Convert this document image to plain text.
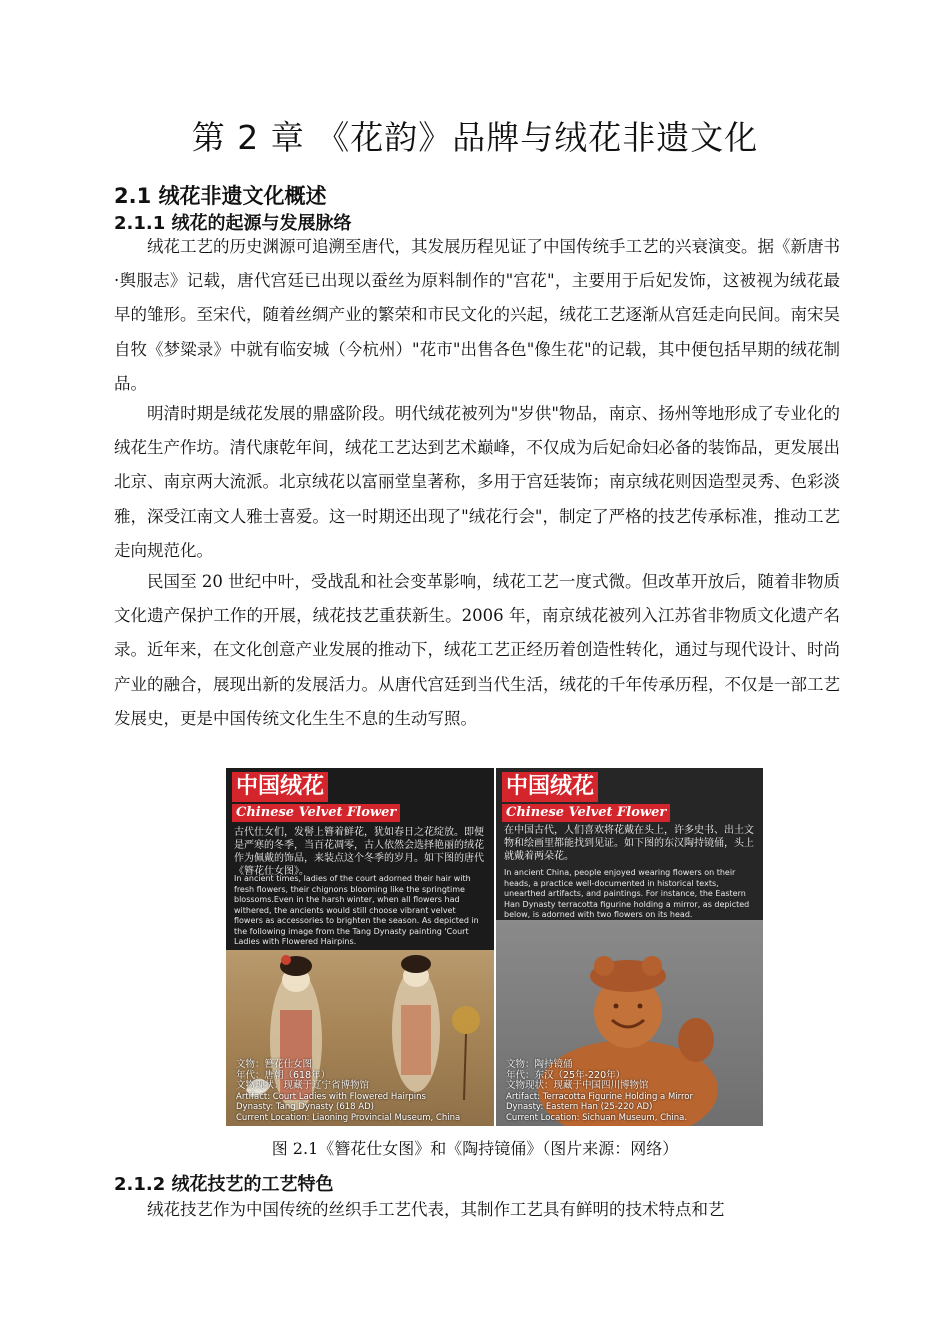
第 2 章 《花韵》品牌与绒花非遗文化
2.1 绒花非遗文化概述
2.1.1 绒花的起源与发展脉络

绒花工艺的历史渊源可追溯至唐代，其发展历程见证了中国传统手工艺的兴衰演变。据《新唐书·舆服志》记载，唐代宫廷已出现以蚕丝为原料制作的"宫花"，主要用于后妃发饰，这被视为绒花最早的雏形。至宋代，随着丝绸产业的繁荣和市民文化的兴起，绒花工艺逐渐从宫廷走向民间。南宋吴自牧《梦粱录》中就有临安城（今杭州）"花市"出售各色"像生花"的记载，其中便包括早期的绒花制品。

明清时期是绒花发展的鼎盛阶段。明代绒花被列为"岁供"物品，南京、扬州等地形成了专业化的绒花生产作坊。清代康乾年间，绒花工艺达到艺术巅峰，不仅成为后妃命妇必备的装饰品，更发展出北京、南京两大流派。北京绒花以富丽堂皇著称，多用于宫廷装饰；南京绒花则因造型灵秀、色彩淡雅，深受江南文人雅士喜爱。这一时期还出现了"绒花行会"，制定了严格的技艺传承标准，推动工艺走向规范化。

民国至 20 世纪中叶，受战乱和社会变革影响，绒花工艺一度式微。但改革开放后，随着非物质文化遗产保护工作的开展，绒花技艺重获新生。2006 年，南京绒花被列入江苏省非物质文化遗产名录。近年来，在文化创意产业发展的推动下，绒花工艺正经历着创造性转化，通过与现代设计、时尚产业的融合，展现出新的发展活力。从唐代宫廷到当代生活，绒花的千年传承历程，不仅是一部工艺发展史，更是中国传统文化生生不息的生动写照。

中国绒花
Chinese Velvet Flower
古代仕女们，发髻上簪着鲜花，犹如春日之花绽放。即便是严寒的冬季，当百花凋零，古人依然会选择艳丽的绒花作为佩戴的饰品，来装点这个冬季的岁月。如下图的唐代《簪花仕女图》。
In ancient times, ladies of the court adorned their hair with fresh flowers, their chignons blooming like the springtime blossoms.Even in the harsh winter, when all flowers had withered, the ancients would still choose vibrant velvet flowers as accessories to brighten the season. As depicted in the following image from the Tang Dynasty painting 'Court Ladies with Flowered Hairpins.
文物：簪花仕女图
年代：唐朝（618年）
文物现状：现藏于辽宁省博物馆
Artifact: Court Ladies with Flowered Hairpins
Dynasty: Tang Dynasty (618 AD)
Current Location: Liaoning Provincial Museum, China
中国绒花
Chinese Velvet Flower
在中国古代，人们喜欢将花戴在头上，许多史书、出土文物和绘画里都能找到见证。如下图的东汉陶持镜俑，头上就戴着两朵花。
In ancient China, people enjoyed wearing flowers on their heads, a practice well-documented in historical texts, unearthed artifacts, and paintings. For instance, the Eastern Han Dynasty terracotta figurine holding a mirror, as depicted below, is adorned with two flowers on its head.
文物：陶持镜俑
年代：东汉（25年-220年）
文物现状：现藏于中国四川博物馆
Artifact: Terracotta Figurine Holding a Mirror
Dynasty: Eastern Han (25-220 AD)
Current Location: Sichuan Museum, China.

图 2.1《簪花仕女图》和《陶持镜俑》（图片来源：网络）

2.1.2 绒花技艺的工艺特色

绒花技艺作为中国传统的丝织手工艺代表，其制作工艺具有鲜明的技术特点和艺
